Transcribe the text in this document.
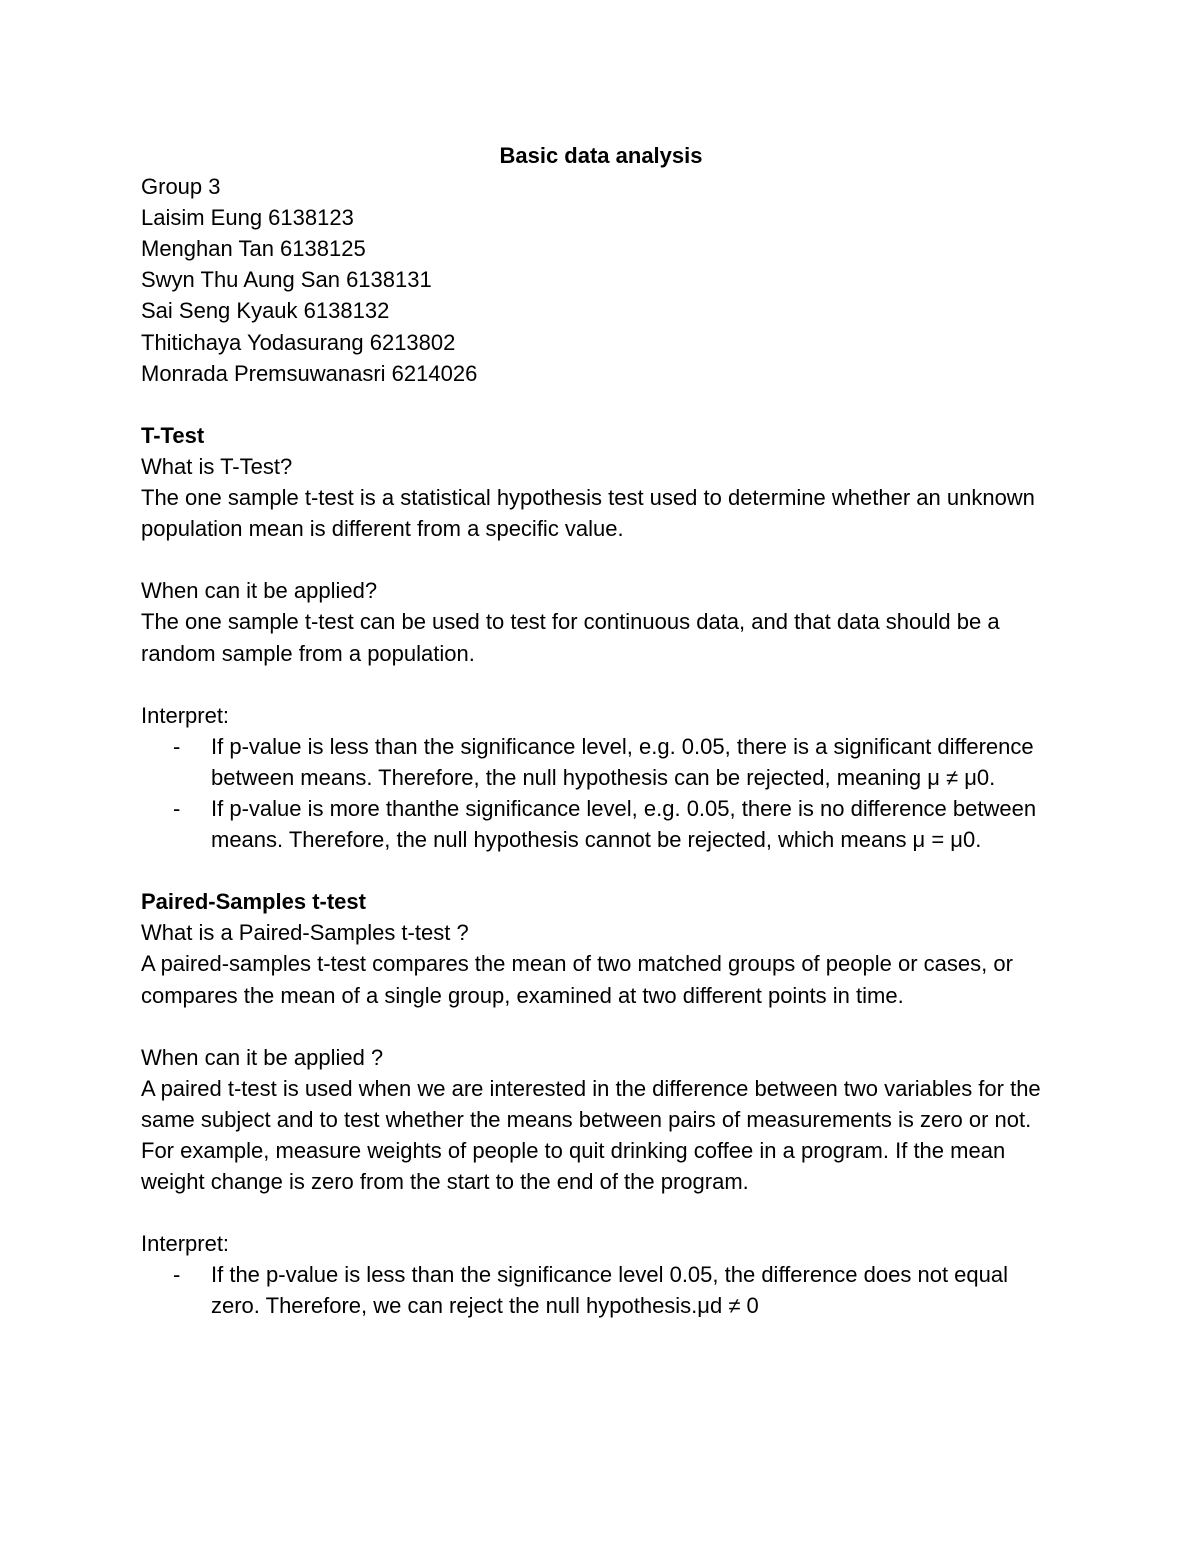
Basic data analysis

Group 3

Laisim Eung 6138123

Menghan Tan 6138125

Swyn Thu Aung San 6138131

Sai Seng Kyauk 6138132

Thitichaya Yodasurang 6213802

Monrada Premsuwanasri 6214026

T-Test

What is T-Test?

The one sample t-test is a statistical hypothesis test used to determine whether an unknown population mean is different from a specific value.

When can it be applied?

The one sample t-test can be used to test for continuous data, and that data should be a random sample from a population.

Interpret:

- If p-value is less than the significance level, e.g. 0.05, there is a significant difference between means. Therefore, the null hypothesis can be rejected, meaning μ ≠ μ0.
- If p-value is more thanthe significance level, e.g. 0.05, there is no difference between means. Therefore, the null hypothesis cannot be rejected, which means μ = μ0.

Paired-Samples t-test

What is a Paired-Samples t-test ?

A paired-samples t-test compares the mean of two matched groups of people or cases, or compares the mean of a single group, examined at two different points in time.

When can it be applied ?

A paired t-test is used when we are interested in the difference between two variables for the same subject and to test whether the means between pairs of measurements is zero or not. For example, measure weights of people to quit drinking coffee in a program. If the mean weight change is zero from the start to the end of the program.

Interpret:

- If the p-value is less than the significance level 0.05, the difference does not equal zero. Therefore, we can reject the null hypothesis.μd ≠ 0
